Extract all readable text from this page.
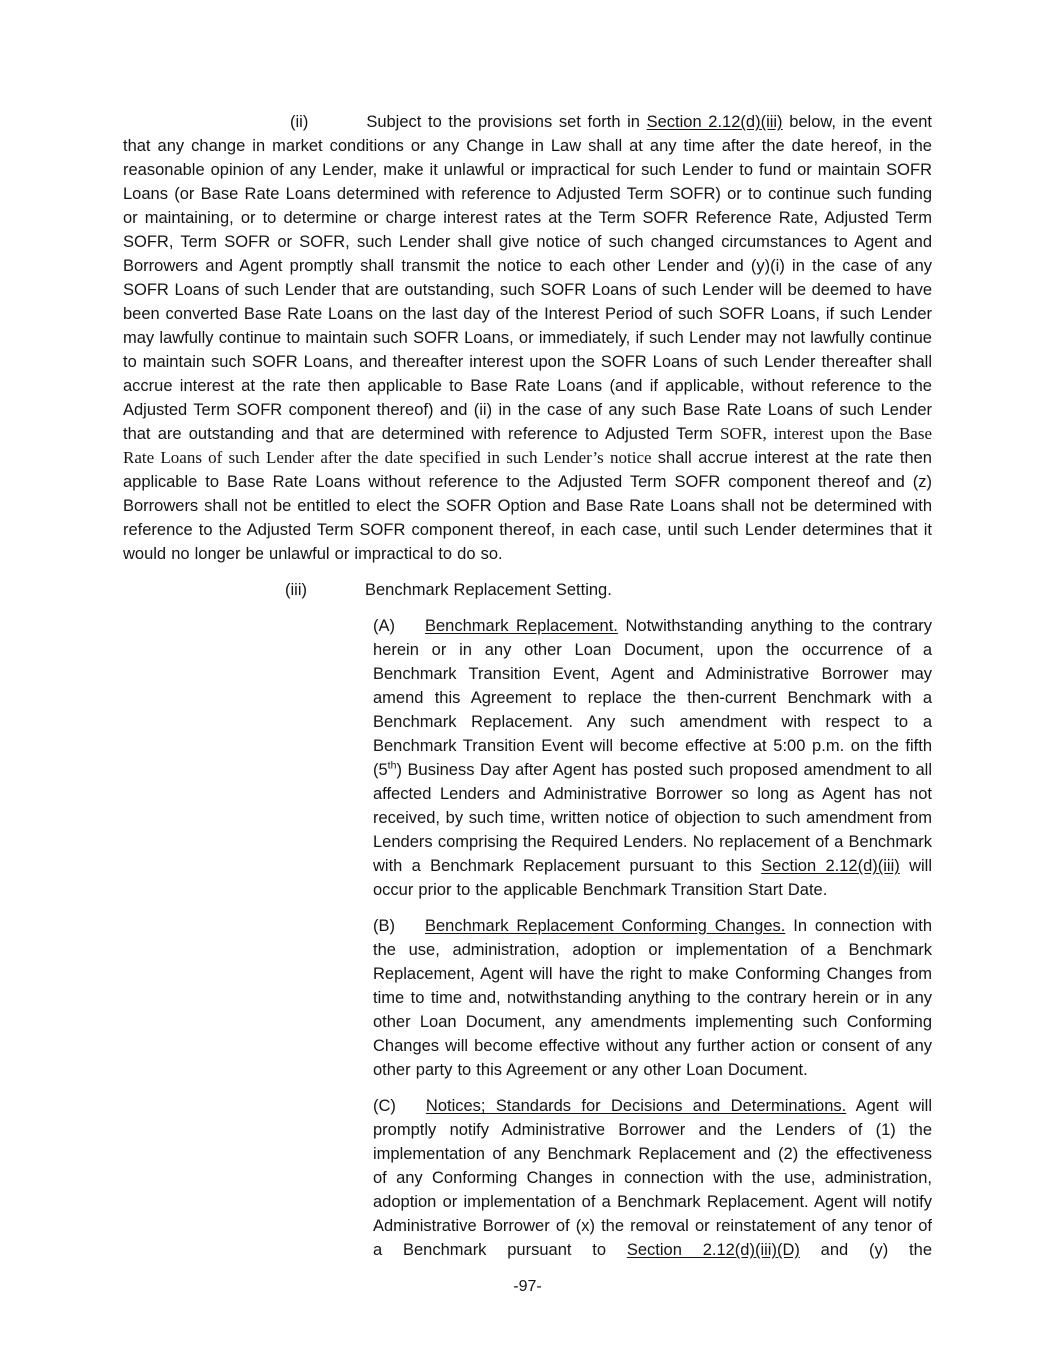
(ii)	Subject to the provisions set forth in Section 2.12(d)(iii) below, in the event that any change in market conditions or any Change in Law shall at any time after the date hereof, in the reasonable opinion of any Lender, make it unlawful or impractical for such Lender to fund or maintain SOFR Loans (or Base Rate Loans determined with reference to Adjusted Term SOFR) or to continue such funding or maintaining, or to determine or charge interest rates at the Term SOFR Reference Rate, Adjusted Term SOFR, Term SOFR or SOFR, such Lender shall give notice of such changed circumstances to Agent and Borrowers and Agent promptly shall transmit the notice to each other Lender and (y)(i) in the case of any SOFR Loans of such Lender that are outstanding, such SOFR Loans of such Lender will be deemed to have been converted Base Rate Loans on the last day of the Interest Period of such SOFR Loans, if such Lender may lawfully continue to maintain such SOFR Loans, or immediately, if such Lender may not lawfully continue to maintain such SOFR Loans, and thereafter interest upon the SOFR Loans of such Lender thereafter shall accrue interest at the rate then applicable to Base Rate Loans (and if applicable, without reference to the Adjusted Term SOFR component thereof) and (ii) in the case of any such Base Rate Loans of such Lender that are outstanding and that are determined with reference to Adjusted Term SOFR, interest upon the Base Rate Loans of such Lender after the date specified in such Lender’s notice shall accrue interest at the rate then applicable to Base Rate Loans without reference to the Adjusted Term SOFR component thereof and (z) Borrowers shall not be entitled to elect the SOFR Option and Base Rate Loans shall not be determined with reference to the Adjusted Term SOFR component thereof, in each case, until such Lender determines that it would no longer be unlawful or impractical to do so.

(iii)	Benchmark Replacement Setting.

(A) Benchmark Replacement. Notwithstanding anything to the contrary herein or in any other Loan Document, upon the occurrence of a Benchmark Transition Event, Agent and Administrative Borrower may amend this Agreement to replace the then-current Benchmark with a Benchmark Replacement. Any such amendment with respect to a Benchmark Transition Event will become effective at 5:00 p.m. on the fifth (5th) Business Day after Agent has posted such proposed amendment to all affected Lenders and Administrative Borrower so long as Agent has not received, by such time, written notice of objection to such amendment from Lenders comprising the Required Lenders. No replacement of a Benchmark with a Benchmark Replacement pursuant to this Section 2.12(d)(iii) will occur prior to the applicable Benchmark Transition Start Date.

(B) Benchmark Replacement Conforming Changes. In connection with the use, administration, adoption or implementation of a Benchmark Replacement, Agent will have the right to make Conforming Changes from time to time and, notwithstanding anything to the contrary herein or in any other Loan Document, any amendments implementing such Conforming Changes will become effective without any further action or consent of any other party to this Agreement or any other Loan Document.

(C) Notices; Standards for Decisions and Determinations. Agent will promptly notify Administrative Borrower and the Lenders of (1) the implementation of any Benchmark Replacement and (2) the effectiveness of any Conforming Changes in connection with the use, administration, adoption or implementation of a Benchmark Replacement. Agent will notify Administrative Borrower of (x) the removal or reinstatement of any tenor of a Benchmark pursuant to Section 2.12(d)(iii)(D) and (y) the

-97-
